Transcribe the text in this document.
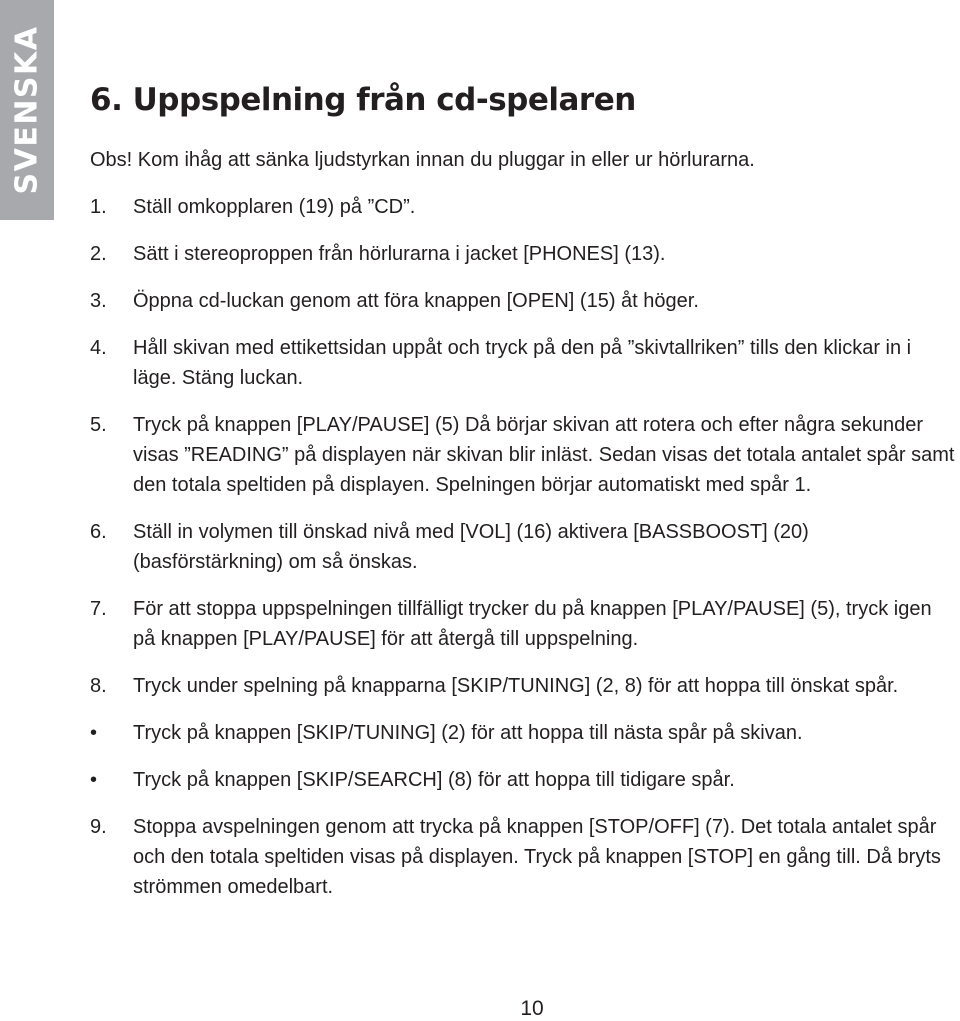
SVENSKA 6. Uppspelning från cd-spelaren

Obs! Kom ihåg att sänka ljudstyrkan innan du pluggar in eller ur hörlurarna.

1.	Ställ omkopplaren (19) på ”CD”.
2.	Sätt i stereoproppen från hörlurarna i jacket [PHONES] (13).
3.	Öppna cd-luckan genom att föra knappen [OPEN] (15) åt höger.
4.	Håll skivan med ettikettsidan uppåt och tryck på den på ”skivtallriken” tills den klickar in i läge. Stäng luckan.
5.	Tryck på knappen [PLAY/PAUSE] (5) Då börjar skivan att rotera och efter några sekunder visas ”READING” på displayen när skivan blir inläst. Sedan visas det totala antalet spår samt den totala speltiden på displayen. Spelningen börjar automatiskt med spår 1.
6.	Ställ in volymen till önskad nivå med [VOL] (16) aktivera [BASSBOOST] (20) (basförstärkning) om så önskas.
7.	För att stoppa uppspelningen tillfälligt trycker du på knappen [PLAY/PAUSE] (5), tryck igen på knappen [PLAY/PAUSE] för att återgå till uppspelning.
8.	Tryck under spelning på knapparna [SKIP/TUNING] (2, 8) för att hoppa till önskat spår.
•	Tryck på knappen [SKIP/TUNING] (2) för att hoppa till nästa spår på skivan.
•	Tryck på knappen [SKIP/SEARCH] (8) för att hoppa till tidigare spår.
9.	Stoppa avspelningen genom att trycka på knappen [STOP/OFF] (7). Det totala antalet spår och den totala speltiden visas på displayen. Tryck på knappen [STOP] en gång till. Då bryts strömmen omedelbart.
10
